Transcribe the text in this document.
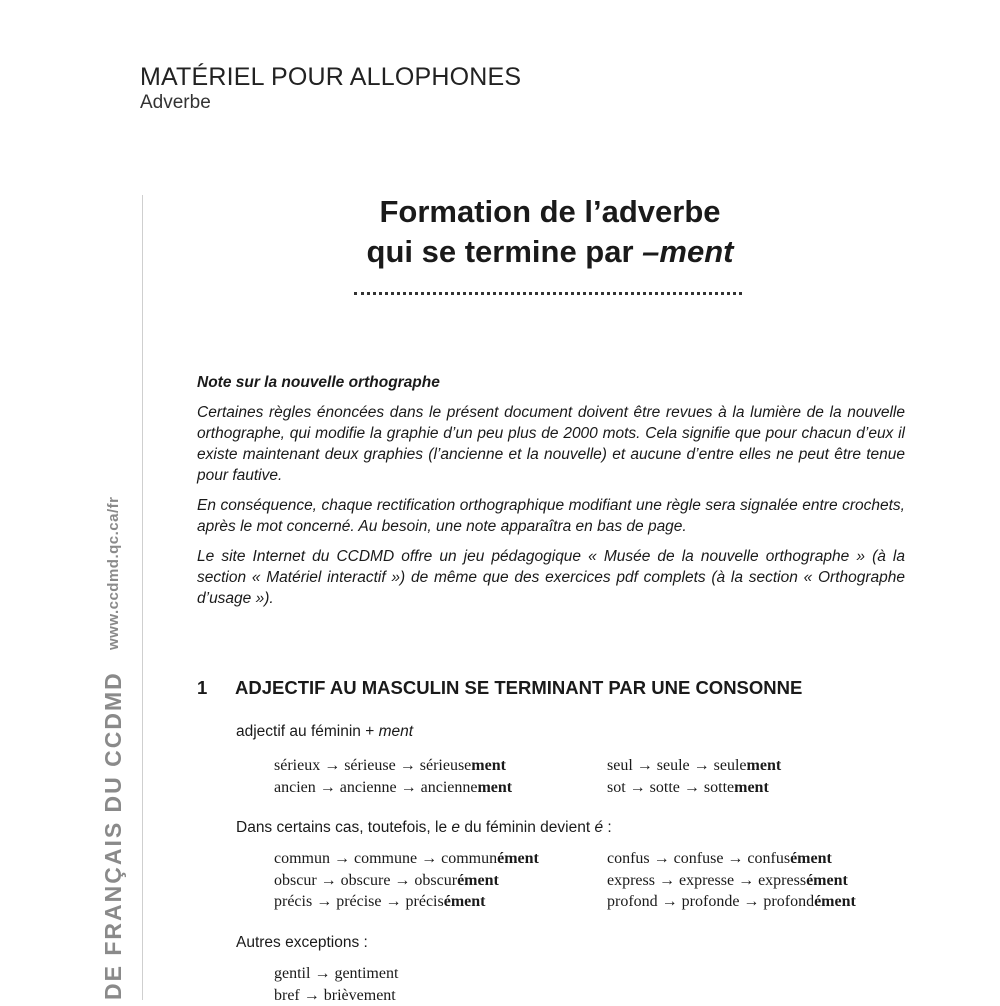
MATÉRIEL POUR ALLOPHONES
Adverbe
DE FRANÇAIS DU CCDMD
www.ccdmd.qc.ca/fr
Formation de l’adverbe
qui se termine par –ment
Note sur la nouvelle orthographe

Certaines règles énoncées dans le présent document doivent être revues à la lumière de la nouvelle orthographe, qui modifie la graphie d’un peu plus de 2000 mots. Cela signifie que pour chacun d’eux il existe maintenant deux graphies (l’ancienne et la nouvelle) et aucune d’entre elles ne peut être tenue pour fautive.

En conséquence, chaque rectification orthographique modifiant une règle sera signalée entre crochets, après le mot concerné. Au besoin, une note apparaîtra en bas de page.

Le site Internet du CCDMD offre un jeu pédagogique « Musée de la nouvelle orthographe » (à la section « Matériel interactif ») de même que des exercices pdf complets (à la section « Orthographe d’usage »).

1 ADJECTIF AU MASCULIN SE TERMINANT PAR UNE CONSONNE
adjectif au féminin + ment
sérieux → sérieuse → sérieusement
ancien → ancienne → anciennement
seul → seule → seulement
sot → sotte → sottement
Dans certains cas, toutefois, le e du féminin devient é :
commun → commune → communément
obscur → obscure → obscurément
précis → précise → précisément
confus → confuse → confusément
express → expresse → expressément
profond → profonde → profondément
Autres exceptions :
gentil → gentiment
bref → brièvement
